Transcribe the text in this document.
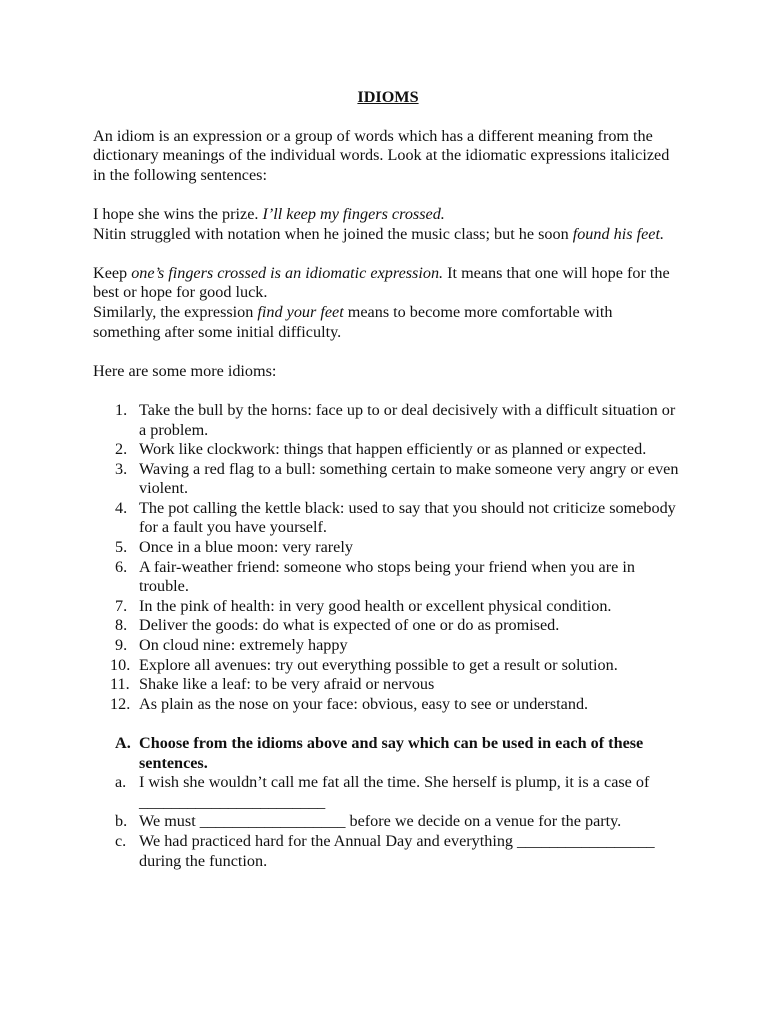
IDIOMS

An idiom is an expression or a group of words which has a different meaning from the dictionary meanings of the individual words. Look at the idiomatic expressions italicized in the following sentences:

I hope she wins the prize. I’ll keep my fingers crossed.

Nitin struggled with notation when he joined the music class; but he soon found his feet.

Keep one’s fingers crossed is an idiomatic expression. It means that one will hope for the best or hope for good luck.

Similarly, the expression find your feet means to become more comfortable with something after some initial difficulty.

Here are some more idioms:

1. Take the bull by the horns: face up to or deal decisively with a difficult situation or a problem.
2. Work like clockwork: things that happen efficiently or as planned or expected.
3. Waving a red flag to a bull: something certain to make someone very angry or even violent.
4. The pot calling the kettle black: used to say that you should not criticize somebody for a fault you have yourself.
5. Once in a blue moon: very rarely
6. A fair-weather friend: someone who stops being your friend when you are in trouble.
7. In the pink of health: in very good health or excellent physical condition.
8. Deliver the goods: do what is expected of one or do as promised.
9. On cloud nine: extremely happy
10. Explore all avenues: try out everything possible to get a result or solution.
11. Shake like a leaf: to be very afraid or nervous
12. As plain as the nose on your face: obvious, easy to see or understand.
A. Choose from the idioms above and say which can be used in each of these sentences.
a. I wish she wouldn’t call me fat all the time. She herself is plump, it is a case of _______________________
b. We must __________________ before we decide on a venue for the party.
c. We had practiced hard for the Annual Day and everything _________________ during the function.
